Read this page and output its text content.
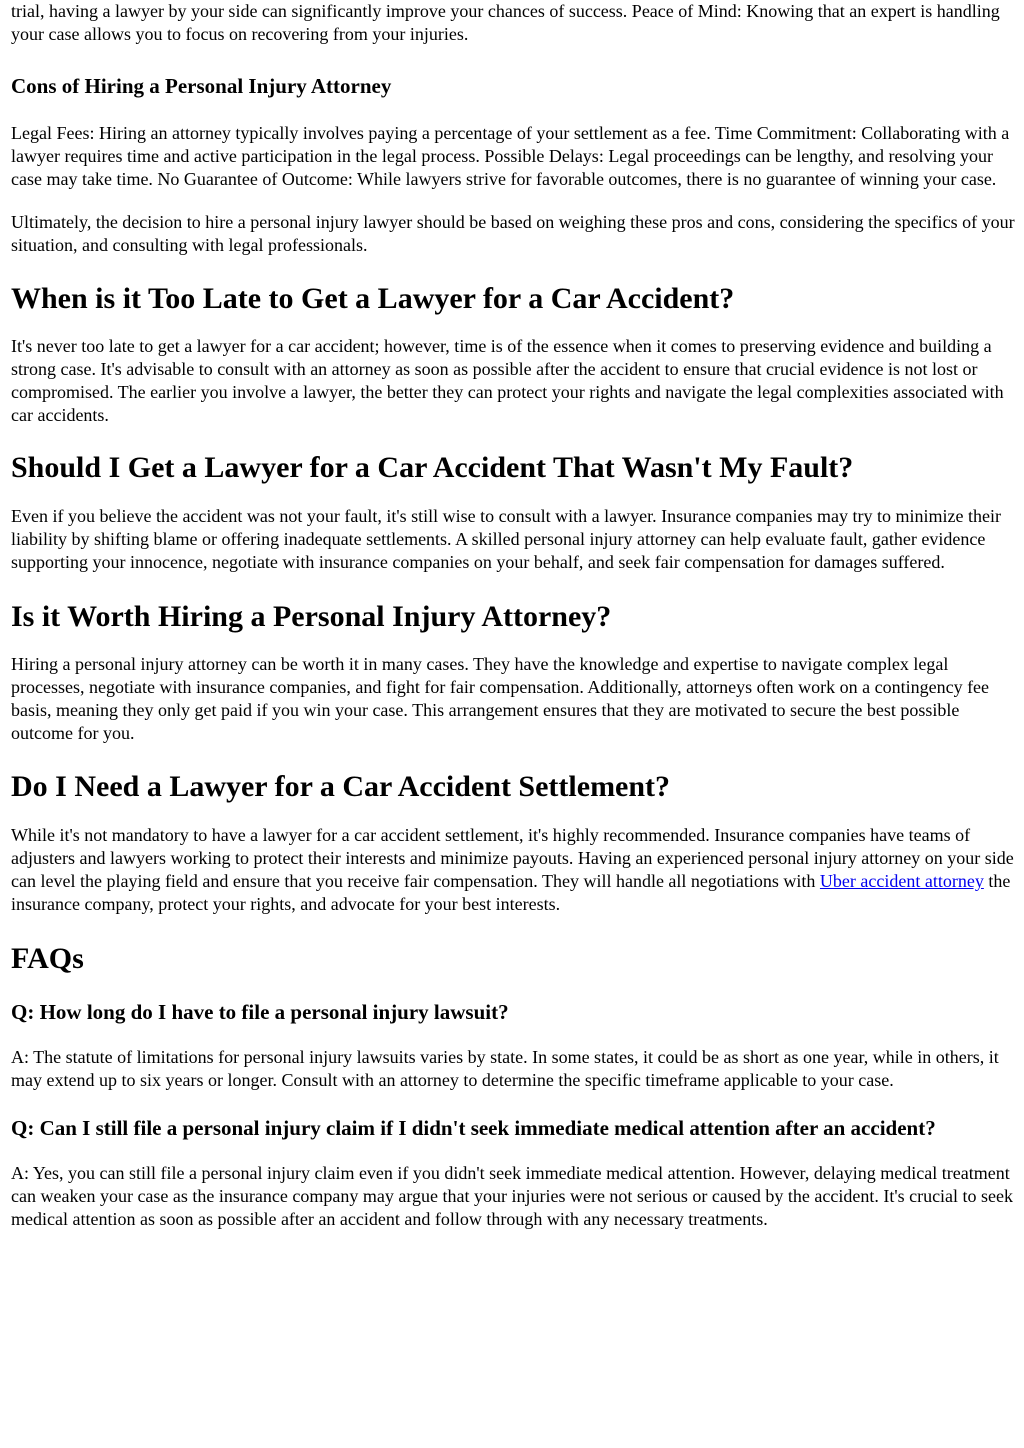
trial, having a lawyer by your side can significantly improve your chances of success. Peace of Mind: Knowing that an expert is handling your case allows you to focus on recovering from your injuries.

Cons of Hiring a Personal Injury Attorney

Legal Fees: Hiring an attorney typically involves paying a percentage of your settlement as a fee. Time Commitment: Collaborating with a lawyer requires time and active participation in the legal process. Possible Delays: Legal proceedings can be lengthy, and resolving your case may take time. No Guarantee of Outcome: While lawyers strive for favorable outcomes, there is no guarantee of winning your case.

Ultimately, the decision to hire a personal injury lawyer should be based on weighing these pros and cons, considering the specifics of your situation, and consulting with legal professionals.

When is it Too Late to Get a Lawyer for a Car Accident?

It's never too late to get a lawyer for a car accident; however, time is of the essence when it comes to preserving evidence and building a strong case. It's advisable to consult with an attorney as soon as possible after the accident to ensure that crucial evidence is not lost or compromised. The earlier you involve a lawyer, the better they can protect your rights and navigate the legal complexities associated with car accidents.

Should I Get a Lawyer for a Car Accident That Wasn't My Fault?

Even if you believe the accident was not your fault, it's still wise to consult with a lawyer. Insurance companies may try to minimize their liability by shifting blame or offering inadequate settlements. A skilled personal injury attorney can help evaluate fault, gather evidence supporting your innocence, negotiate with insurance companies on your behalf, and seek fair compensation for damages suffered.

Is it Worth Hiring a Personal Injury Attorney?

Hiring a personal injury attorney can be worth it in many cases. They have the knowledge and expertise to navigate complex legal processes, negotiate with insurance companies, and fight for fair compensation. Additionally, attorneys often work on a contingency fee basis, meaning they only get paid if you win your case. This arrangement ensures that they are motivated to secure the best possible outcome for you.

Do I Need a Lawyer for a Car Accident Settlement?

While it's not mandatory to have a lawyer for a car accident settlement, it's highly recommended. Insurance companies have teams of adjusters and lawyers working to protect their interests and minimize payouts. Having an experienced personal injury attorney on your side can level the playing field and ensure that you receive fair compensation. They will handle all negotiations with Uber accident attorney the insurance company, protect your rights, and advocate for your best interests.

FAQs
Q: How long do I have to file a personal injury lawsuit?

A: The statute of limitations for personal injury lawsuits varies by state. In some states, it could be as short as one year, while in others, it may extend up to six years or longer. Consult with an attorney to determine the specific timeframe applicable to your case.

Q: Can I still file a personal injury claim if I didn't seek immediate medical attention after an accident?

A: Yes, you can still file a personal injury claim even if you didn't seek immediate medical attention. However, delaying medical treatment can weaken your case as the insurance company may argue that your injuries were not serious or caused by the accident. It's crucial to seek medical attention as soon as possible after an accident and follow through with any necessary treatments.
